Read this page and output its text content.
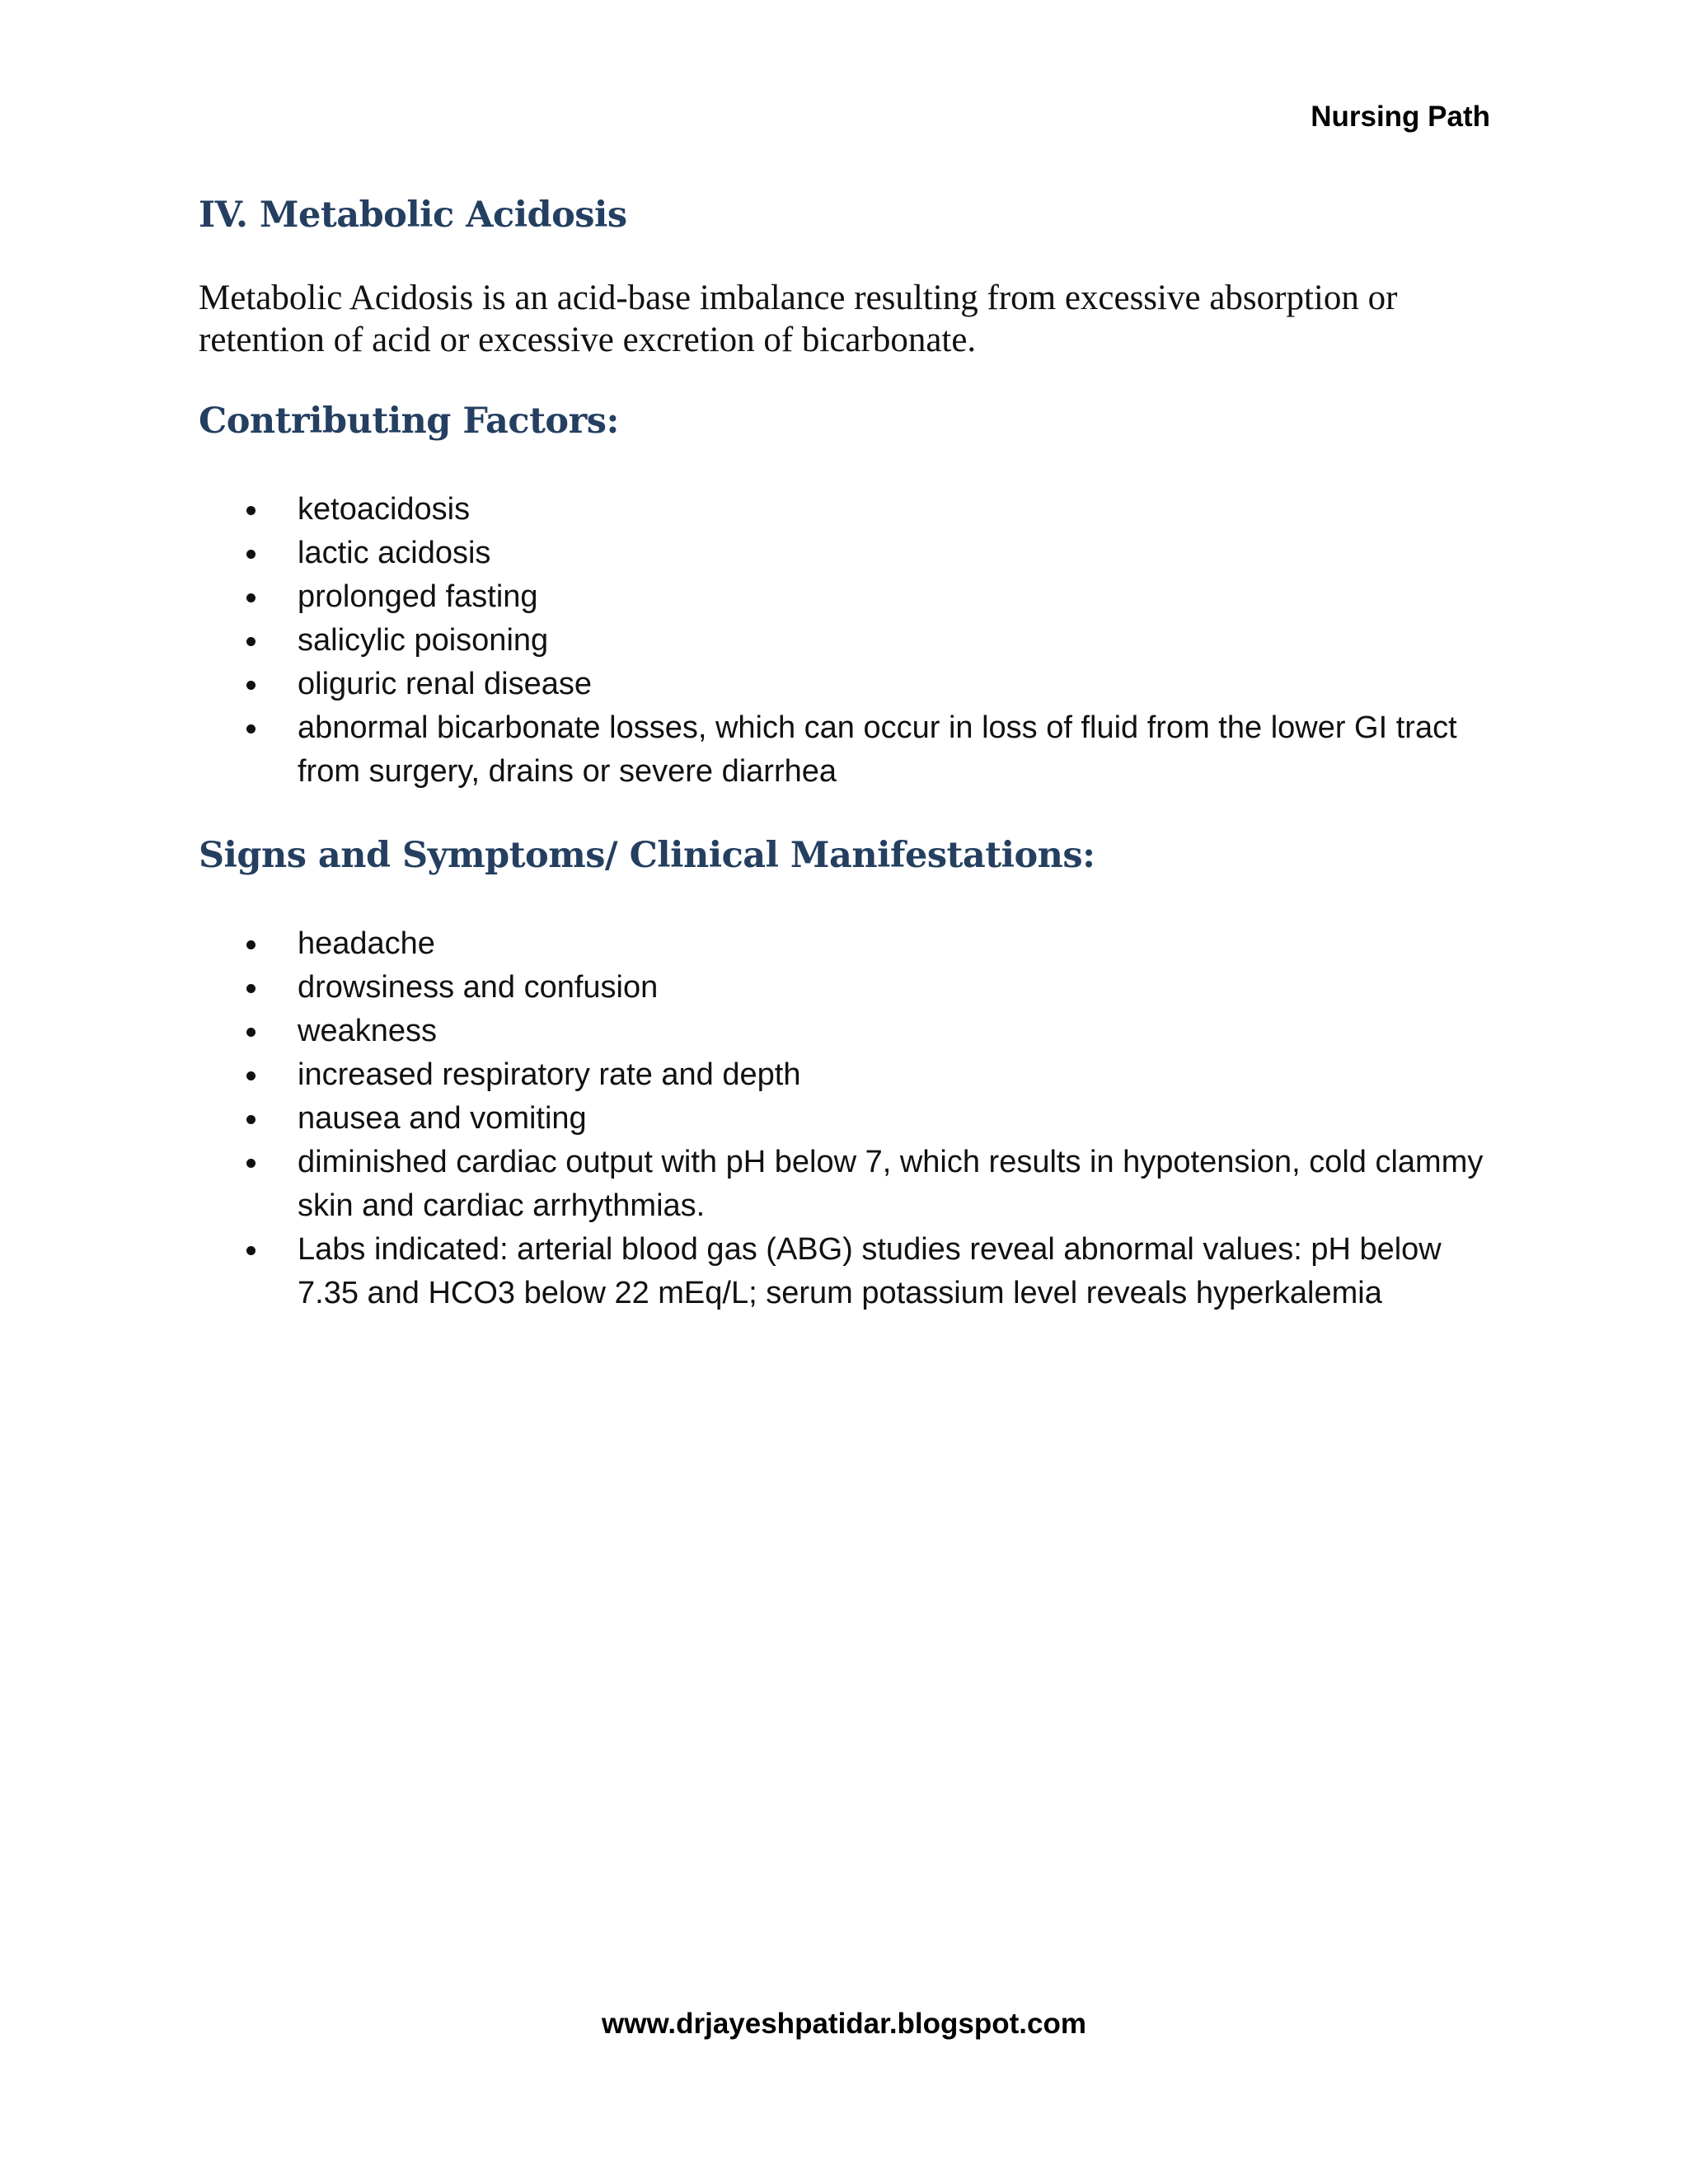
Nursing Path
IV. Metabolic Acidosis

Metabolic Acidosis is an acid-base imbalance resulting from excessive absorption or retention of acid or excessive excretion of bicarbonate.

Contributing Factors:
ketoacidosis
lactic acidosis
prolonged fasting
salicylic poisoning
oliguric renal disease
abnormal bicarbonate losses, which can occur in loss of fluid from the lower GI tract from surgery, drains or severe diarrhea
Signs and Symptoms/ Clinical Manifestations:
headache
drowsiness and confusion
weakness
increased respiratory rate and depth
nausea and vomiting
diminished cardiac output with pH below 7, which results in hypotension, cold clammy skin and cardiac arrhythmias.
Labs indicated: arterial blood gas (ABG) studies reveal abnormal values: pH below 7.35 and HCO3 below 22 mEq/L; serum potassium level reveals hyperkalemia
www.drjayeshpatidar.blogspot.com
